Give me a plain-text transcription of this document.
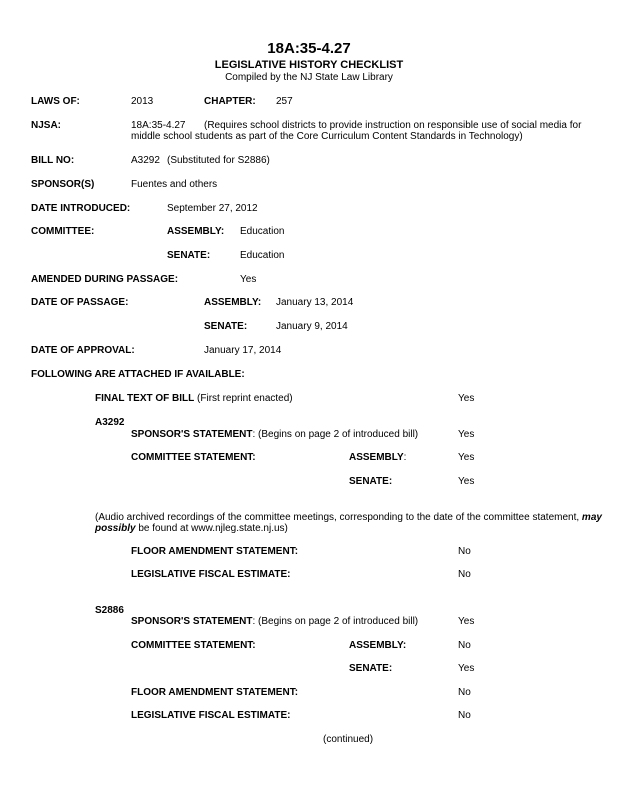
18A:35-4.27
LEGISLATIVE HISTORY CHECKLIST
Compiled by the NJ State Law Library
LAWS OF:	2013	CHAPTER: 257
NJSA:	18A:35-4.27 (Requires school districts to provide instruction on responsible use of social media for
middle school students as part of the Core Curriculum Content Standards in Technology)
BILL NO:	A3292 (Substituted for S2886)
SPONSOR(S)	Fuentes and others
DATE INTRODUCED:	September 27, 2012
COMMITTEE:	ASSEMBLY: Education
SENATE:	Education
AMENDED DURING PASSAGE:	Yes
DATE OF PASSAGE:	ASSEMBLY: January 13, 2014
SENATE:	January 9, 2014
DATE OF APPROVAL:	January 17, 2014
FOLLOWING ARE ATTACHED IF AVAILABLE:
FINAL TEXT OF BILL (First reprint enacted)	Yes
A3292
SPONSOR'S STATEMENT: (Begins on page 2 of introduced bill)	Yes
COMMITTEE STATEMENT:	ASSEMBLY:	Yes
SENATE:	Yes
(Audio archived recordings of the committee meetings, corresponding to the date of the committee statement, may
possibly be found at www.njleg.state.nj.us)
FLOOR AMENDMENT STATEMENT:	No
LEGISLATIVE FISCAL ESTIMATE:	No
S2886
SPONSOR'S STATEMENT: (Begins on page 2 of introduced bill)	Yes
COMMITTEE STATEMENT:	ASSEMBLY:	No
SENATE:	Yes
FLOOR AMENDMENT STATEMENT:	No
LEGISLATIVE FISCAL ESTIMATE:	No
(continued)
